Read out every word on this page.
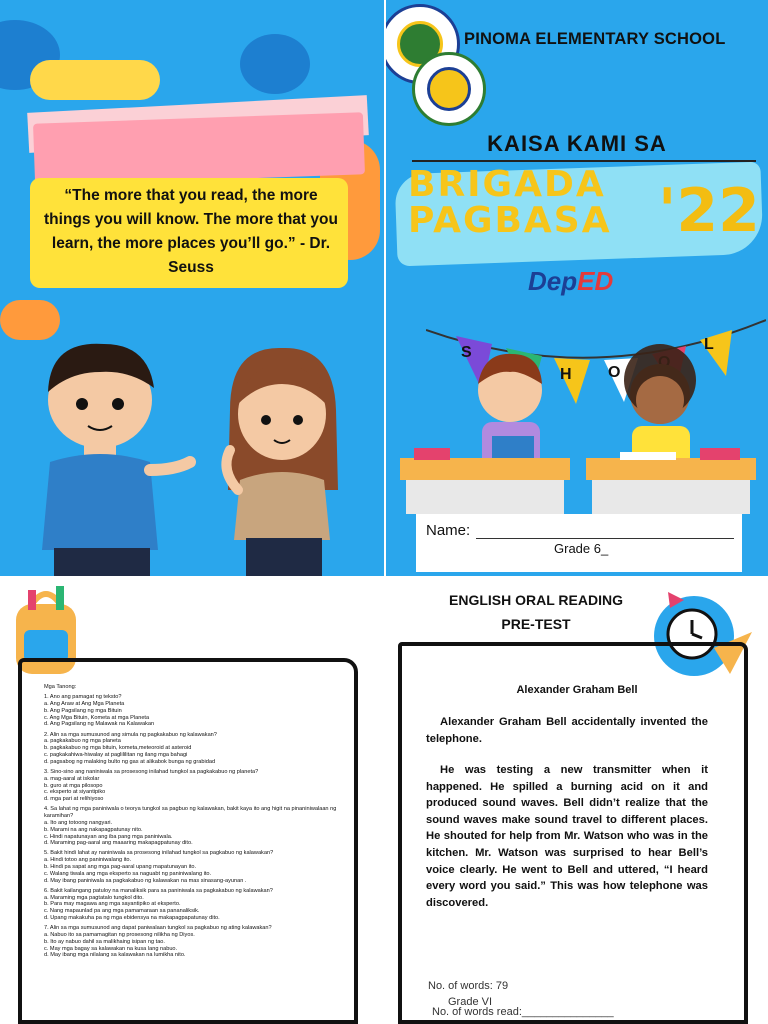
“The more that you read, the more things you will know. The more that you learn, the more places you’ll go.” - Dr. Seuss
PINOMA ELEMENTARY SCHOOL
KAISA KAMI SA
BRIGADA
PAGBASA '22
DepED
S
H O
L
Name:
Grade 6_
Mga Tanong:
1. Ano ang pamagat ng teksto?
a. Ang Araw at Ang Mga Planeta
b. Ang Pagsilang ng mga Bituin
c. Ang Mga Bituin, Kometa at mga Planeta
d. Ang Pagsilang ng Malawak na Kalawakan
2. Alin sa mga sumusunod ang simula ng pagkakabuo ng kalawakan?
a. pagkakabuo ng mga planeta
b. pagkakabuo ng mga bituin, kometa,meteoroid at asteroid
c. pagkakahiwa-hiwalay at paglililitan ng ilang mga bahagi
d. pagsabog ng malaking bulto ng gas at alikabok bunga ng grabidad
3. Sino-sino ang naniniwala sa prosesong inilahad tungkol sa pagkakabuo ng planeta?
a. mag-aaral at iskolar
b. guro at mga pilosopo
c. eksperto at siyantipiko
d. mga pari at relihiyoso
4. Sa lahat ng mga paniniwala o teorya tungkol sa pagbuo ng kalawakan, bakit kaya ito ang higit na pinaniniwalaan ng karamihan?
a. Ito ang totoong nangyari.
b. Marami na ang nakapagpatunay nito.
c. Hindi napatunayan ang iba pang mga paniniwala.
d. Maraming pag-aaral ang maaaring makapagpatunay dito.
5. Bakit hindi lahat ay naniniwala sa prosesong inilahad tungkol sa pagkabuo ng kalawakan?
a. Hindi totoo ang paniniwalang ito.
b. Hindi pa sapat ang mga pag-aaral upang mapatunayan ito.
c. Walang tiwala ang mga eksperto sa naguabt ng paniniwalang ito.
d. May ibang paniniwala sa pagkakabuo ng kalawakan na mas sinasang-ayunan .
6. Bakit kailangang patuloy na manaliksik para sa paniniwala sa pagkakabuo ng kalawakan?
a. Maraming mga pagtatalo tungkol dito.
b. Para may magawa ang mga sayantipiko at eksperto.
c. Nang mapaunlad pa ang mga pamamaraan sa pananaliksik.
d. Upang makakuha pa ng mga ebidensya na makapagpapatunay dito.
7. Alin sa mga sumusunod ang dapat paniwalaan tungkol sa pagkabuo ng ating kalawakan?
a. Nabuo ito sa pamamagitan ng prosesong nilikha ng Diyos.
b. Ito ay nabuo dahil sa malikhaing isipan ng tao.
c. May mga bagay sa kalawakan na kusa lang nabuo.
d. May ibang mga nilalang sa kalawakan na lumikha nito.
ENGLISH ORAL READING
PRE-TEST
Alexander Graham Bell
Alexander Graham Bell accidentally invented the telephone.
He was testing a new transmitter when it happened. He spilled a burning acid on it and produced sound waves. Bell didn’t realize that the sound waves make sound travel to different places. He shouted for help from Mr. Watson who was in the kitchen. Mr. Watson was surprised to hear Bell’s voice clearly. He went to Bell and uttered, “I heard every word you said.” This was how telephone was discovered.
No. of words: 79
Grade VI
No. of words read:_______________
